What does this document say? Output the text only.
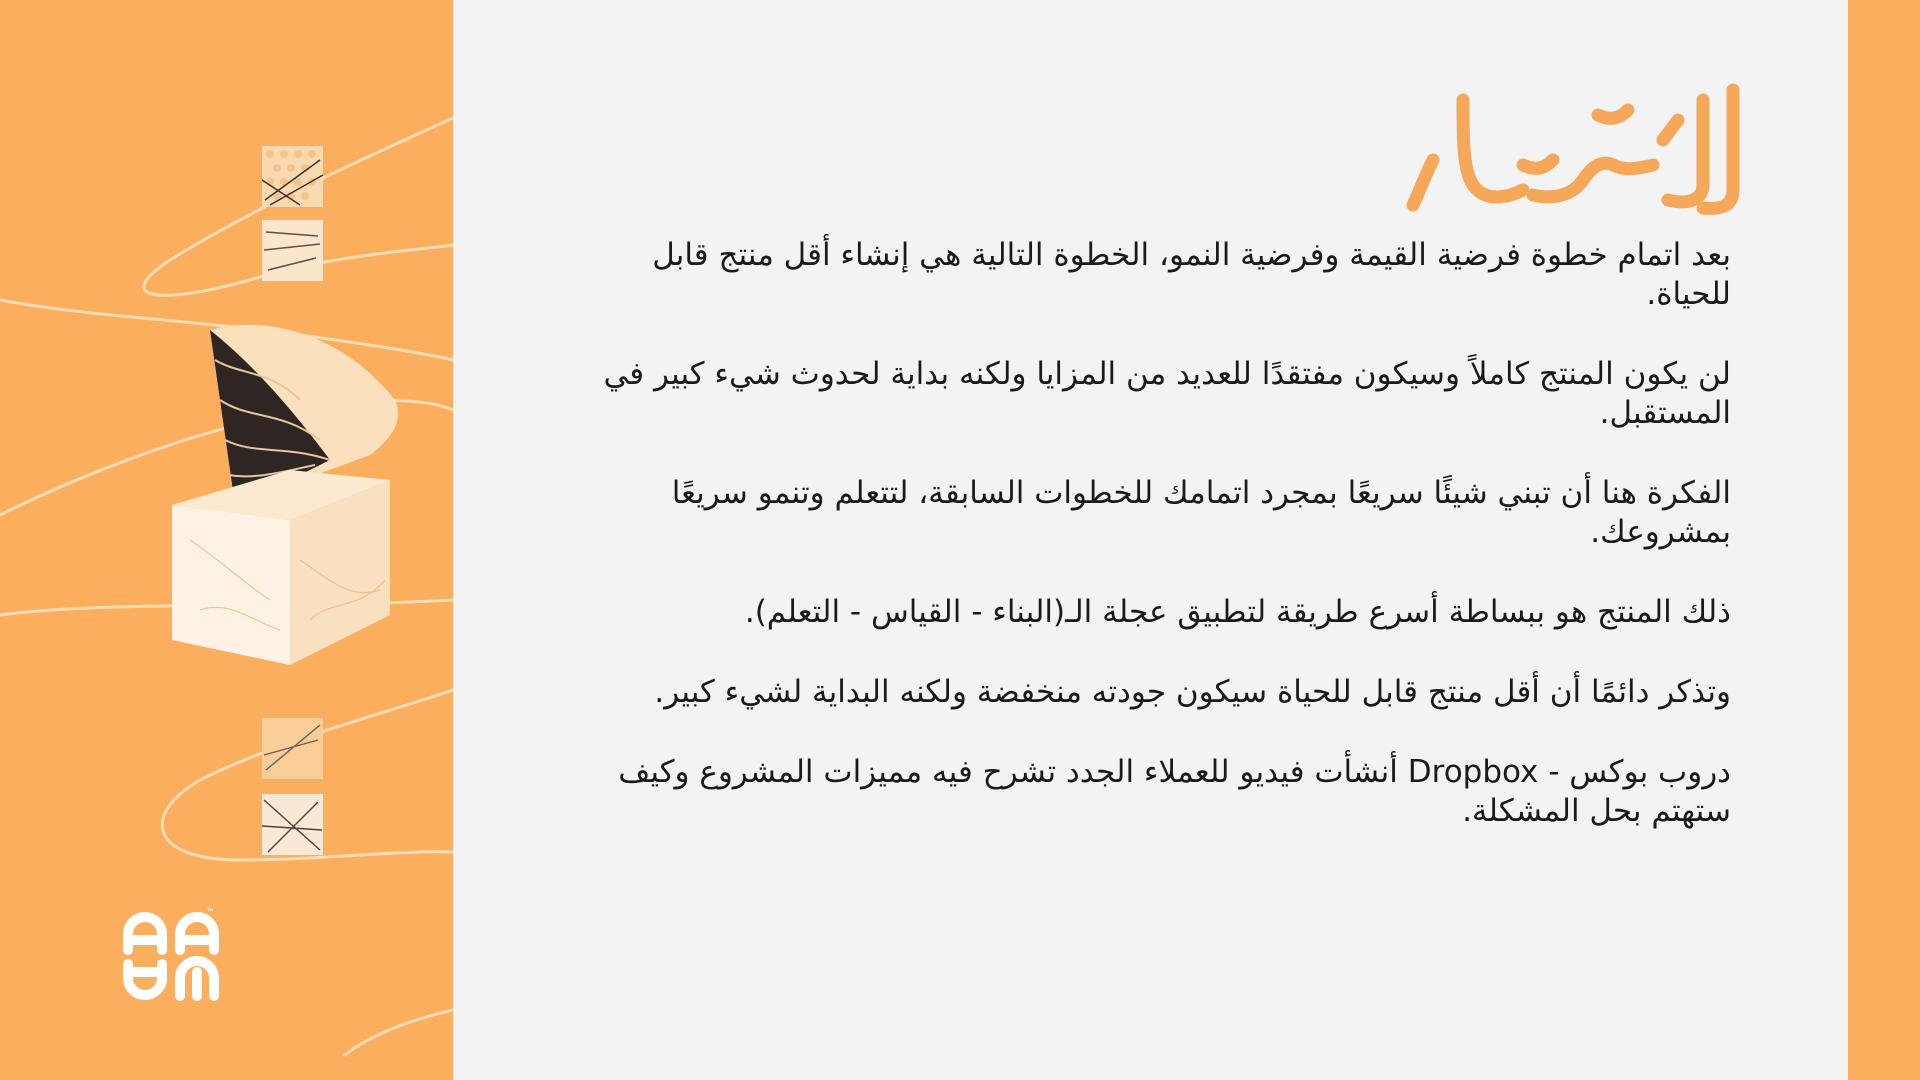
™
الاختبار

بعد اتمام خطوة فرضية القيمة وفرضية النمو، الخطوة التالية هي إنشاء أقل منتج قابل للحياة.

لن يكون المنتج كاملاً وسيكون مفتقدًا للعديد من المزايا ولكنه بداية لحدوث شيء كبير في المستقبل.

الفكرة هنا أن تبني شيئًا سريعًا بمجرد اتمامك للخطوات السابقة، لتتعلم وتنمو سريعًا بمشروعك.

ذلك المنتج هو ببساطة أسرع طريقة لتطبيق عجلة الـ(البناء - القياس - التعلم).

وتذكر دائمًا أن أقل منتج قابل للحياة سيكون جودته منخفضة ولكنه البداية لشيء كبير.

دروب بوكس - Dropbox أنشأت فيديو للعملاء الجدد تشرح فيه مميزات المشروع وكيف ستهتم بحل المشكلة.
